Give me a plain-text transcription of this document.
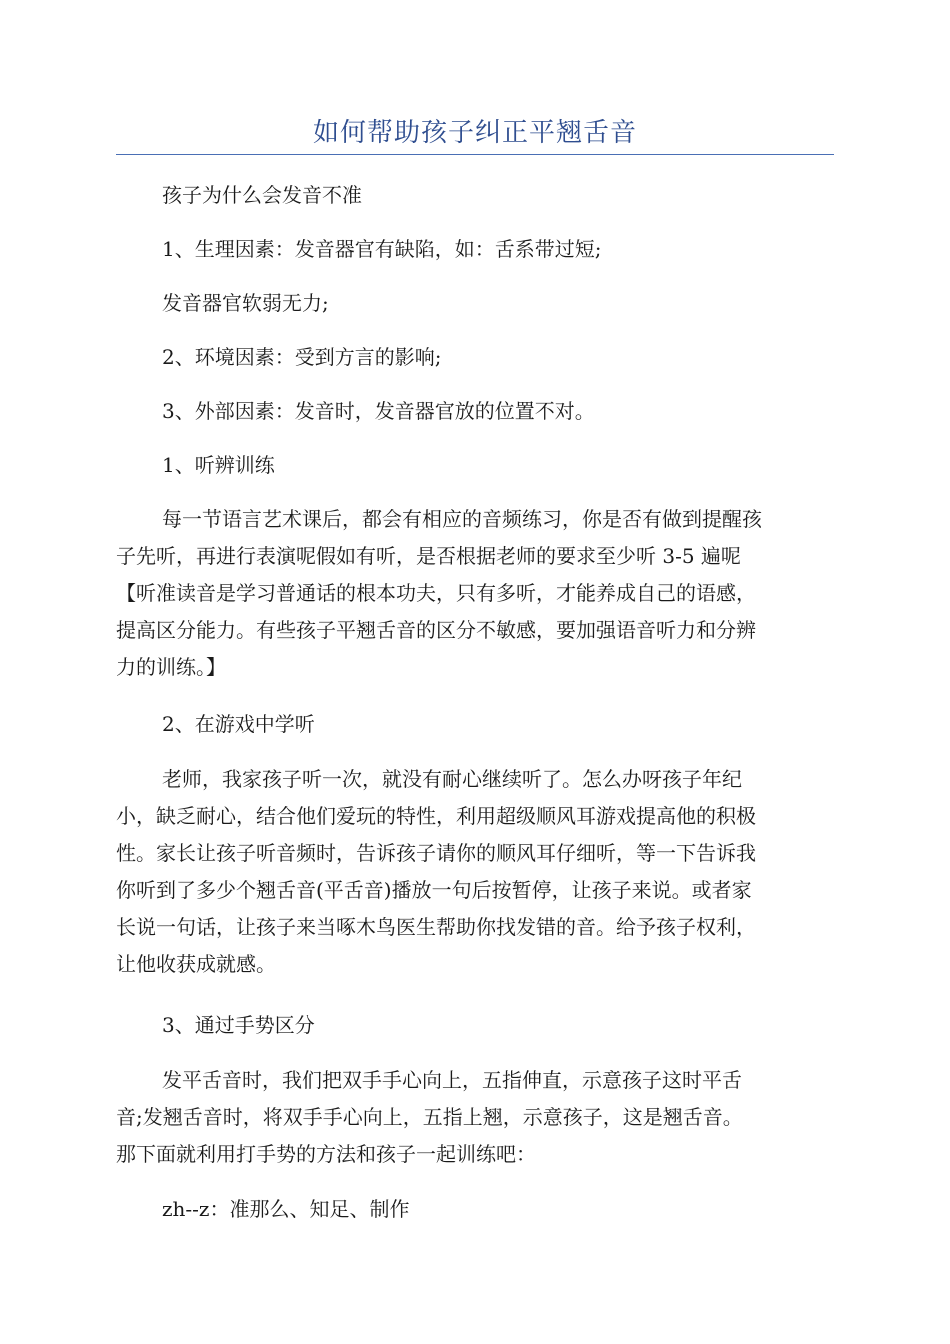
如何帮助孩子纠正平翘舌音
孩子为什么会发音不准
1、生理因素：发音器官有缺陷，如：舌系带过短;
发音器官软弱无力;
2、环境因素：受到方言的影响;
3、外部因素：发音时，发音器官放的位置不对。
1、听辨训练
每一节语言艺术课后，都会有相应的音频练习，你是否有做到提醒孩
子先听，再进行表演呢假如有听，是否根据老师的要求至少听 3-5 遍呢
【听准读音是学习普通话的根本功夫，只有多听，才能养成自己的语感，
提高区分能力。有些孩子平翘舌音的区分不敏感，要加强语音听力和分辨
力的训练。】
2、在游戏中学听
老师，我家孩子听一次，就没有耐心继续听了。怎么办呀孩子年纪
小，缺乏耐心，结合他们爱玩的特性，利用超级顺风耳游戏提高他的积极
性。家长让孩子听音频时，告诉孩子请你的顺风耳仔细听，等一下告诉我
你听到了多少个翘舌音(平舌音)播放一句后按暂停，让孩子来说。或者家
长说一句话，让孩子来当啄木鸟医生帮助你找发错的音。给予孩子权利，
让他收获成就感。
3、通过手势区分
发平舌音时，我们把双手手心向上，五指伸直，示意孩子这时平舌
音;发翘舌音时，将双手手心向上，五指上翘，示意孩子，这是翘舌音。
那下面就利用打手势的方法和孩子一起训练吧：
zh--z：准那么、知足、制作
